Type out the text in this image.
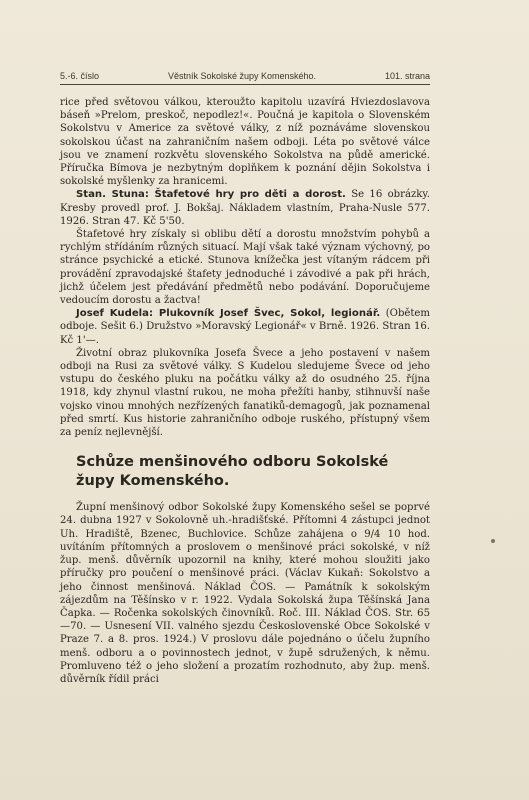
5.-6. číslo	Věstník Sokolské župy Komenského.	101. strana

rice před světovou válkou, kteroužto kapitolu uzavírá Hviezdoslavova báseň »Prelom, preskoč, nepodlez!«. Poučná je kapitola o Slovenském Sokolstvu v Americe za světové války, z níž poznáváme slovenskou sokolskou účast na zahraničním našem odboji. Léta po světové válce jsou ve znamení rozkvětu slovenského Sokolstva na půdě americké. Příručka Bímova je nezbytným doplňkem k poznání dějin Sokolstva i sokolské myšlenky za hranicemi.

Stan. Stuna: Štafetové hry pro děti a dorost. Se 16 obrázky. Kresby provedl prof. J. Bokšaj. Nákladem vlastním, Praha-Nusle 577. 1926. Stran 47. Kč 5'50.

Štafetové hry získaly si oblibu dětí a dorostu množstvím pohybů a rychlým střídáním různých situací. Mají však také význam výchovný, po stránce psychické a etické. Stunova knížečka jest vítaným rádcem při provádění zpravodajské štafety jednoduché i závodivé a pak při hrách, jichž účelem jest předávání předmětů nebo podávání. Doporučujeme vedoucím dorostu a žactva!

Josef Kudela: Plukovník Josef Švec, Sokol, legionář. (Obětem odboje. Sešit 6.) Družstvo »Moravský Legionář« v Brně. 1926. Stran 16. Kč 1'—.

Životní obraz plukovníka Josefa Švece a jeho postavení v našem odboji na Rusi za světové války. S Kudelou sledujeme Švece od jeho vstupu do českého pluku na počátku války až do osudného 25. října 1918, kdy zhynul vlastní rukou, ne moha přežíti hanby, stihnuvší naše vojsko vinou mnohých nezřízených fanatiků-demagogů, jak poznamenal před smrtí. Kus historie zahraničního odboje ruského, přístupný všem za peníz nejlevnější.

Schůze menšinového odboru Sokolské župy Komenského.

Župní menšinový odbor Sokolské župy Komenského sešel se poprvé 24. dubna 1927 v Sokolovně uh.-hradišťské. Přítomni 4 zástupci jednot Uh. Hradiště, Bzenec, Buchlovice. Schůze zahájena o 9/4 10 hod. uvítáním přítomných a proslovem o menšinové práci sokolské, v níž žup. menš. důvěrník upozornil na knihy, které mohou sloužiti jako příručky pro poučení o menšinové práci. (Václav Kukaň: Sokolstvo a jeho činnost menšinová. Náklad ČOS. — Památník k sokolským zájezdům na Těšínsko v r. 1922. Vydala Sokolská župa Těšínská Jana Čapka. — Ročenka sokolských činovníků. Roč. III. Náklad ČOS. Str. 65—70. — Usnesení VII. valného sjezdu Československé Obce Sokolské v Praze 7. a 8. pros. 1924.) V proslovu dále pojednáno o účelu župního menš. odboru a o povinnostech jednot, v župě sdružených, k němu. Promluveno též o jeho složení a prozatím rozhodnuto, aby žup. menš. důvěrník řídil práci
